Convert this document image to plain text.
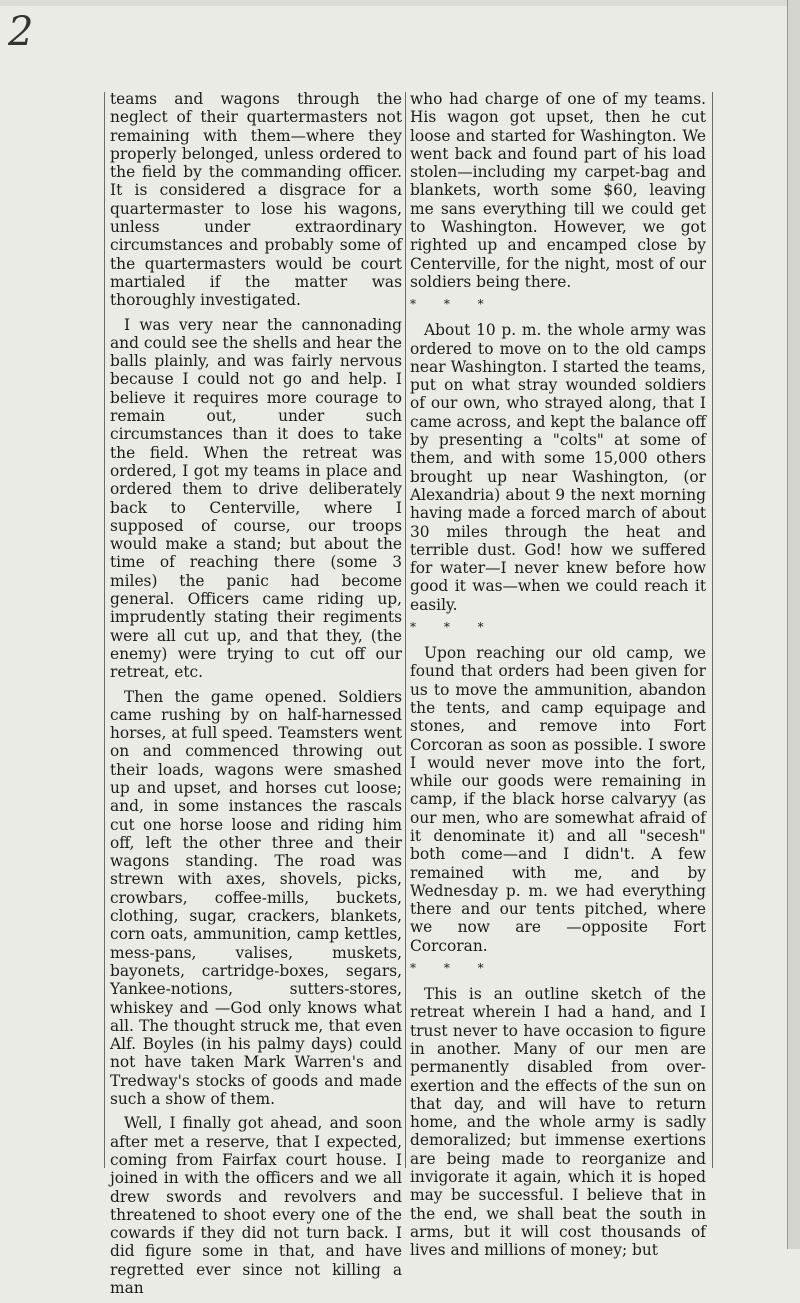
2

teams and wagons through the neglect of their quartermasters not remaining with them—where they properly belonged, unless ordered to the field by the commanding officer. It is considered a disgrace for a quartermaster to lose his wagons, unless under extraordinary circumstances and probably some of the quartermasters would be court martialed if the matter was thoroughly investigated.

I was very near the cannonading and could see the shells and hear the balls plainly, and was fairly nervous because I could not go and help. I believe it requires more courage to remain out, under such circumstances than it does to take the field. When the retreat was ordered, I got my teams in place and ordered them to drive deliberately back to Centerville, where I supposed of course, our troops would make a stand; but about the time of reaching there (some 3 miles) the panic had become general. Officers came riding up, imprudently stating their regiments were all cut up, and that they, (the enemy) were trying to cut off our retreat, etc.

Then the game opened. Soldiers came rushing by on half-harnessed horses, at full speed. Teamsters went on and commenced throwing out their loads, wagons were smashed up and upset, and horses cut loose; and, in some instances the rascals cut one horse loose and riding him off, left the other three and their wagons standing. The road was strewn with axes, shovels, picks, crowbars, coffee-mills, buckets, clothing, sugar, crackers, blankets, corn oats, ammunition, camp kettles, mess-pans, valises, muskets, bayonets, cartridge-boxes, segars, Yankee-notions, sutters-stores, whiskey and —God only knows what all. The thought struck me, that even Alf. Boyles (in his palmy days) could not have taken Mark Warren's and Tredway's stocks of goods and made such a show of them.

Well, I finally got ahead, and soon after met a reserve, that I expected, coming from Fairfax court house. I joined in with the officers and we all drew swords and revolvers and threatened to shoot every one of the cowards if they did not turn back. I did figure some in that, and have regretted ever since not killing a man

who had charge of one of my teams. His wagon got upset, then he cut loose and started for Washington. We went back and found part of his load stolen—including my carpet-bag and blankets, worth some $60, leaving me sans everything till we could get to Washington. However, we got righted up and encamped close by Centerville, for the night, most of our soldiers being there.

* * *

About 10 p. m. the whole army was ordered to move on to the old camps near Washington. I started the teams, put on what stray wounded soldiers of our own, who strayed along, that I came across, and kept the balance off by presenting a "colts" at some of them, and with some 15,000 others brought up near Washington, (or Alexandria) about 9 the next morning having made a forced march of about 30 miles through the heat and terrible dust. God! how we suffered for water—I never knew before how good it was—when we could reach it easily.

* * *

Upon reaching our old camp, we found that orders had been given for us to move the ammunition, abandon the tents, and camp equipage and stones, and remove into Fort Corcoran as soon as possible. I swore I would never move into the fort, while our goods were remaining in camp, if the black horse calvaryy (as our men, who are somewhat afraid of it denominate it) and all "secesh" both come—and I didn't. A few remained with me, and by Wednesday p. m. we had everything there and our tents pitched, where we now are —opposite Fort Corcoran.

* * *

This is an outline sketch of the retreat wherein I had a hand, and I trust never to have occasion to figure in another. Many of our men are permanently disabled from over-exertion and the effects of the sun on that day, and will have to return home, and the whole army is sadly demoralized; but immense exertions are being made to reorganize and invigorate it again, which it is hoped may be successful. I believe that in the end, we shall beat the south in arms, but it will cost thousands of lives and millions of money; but
